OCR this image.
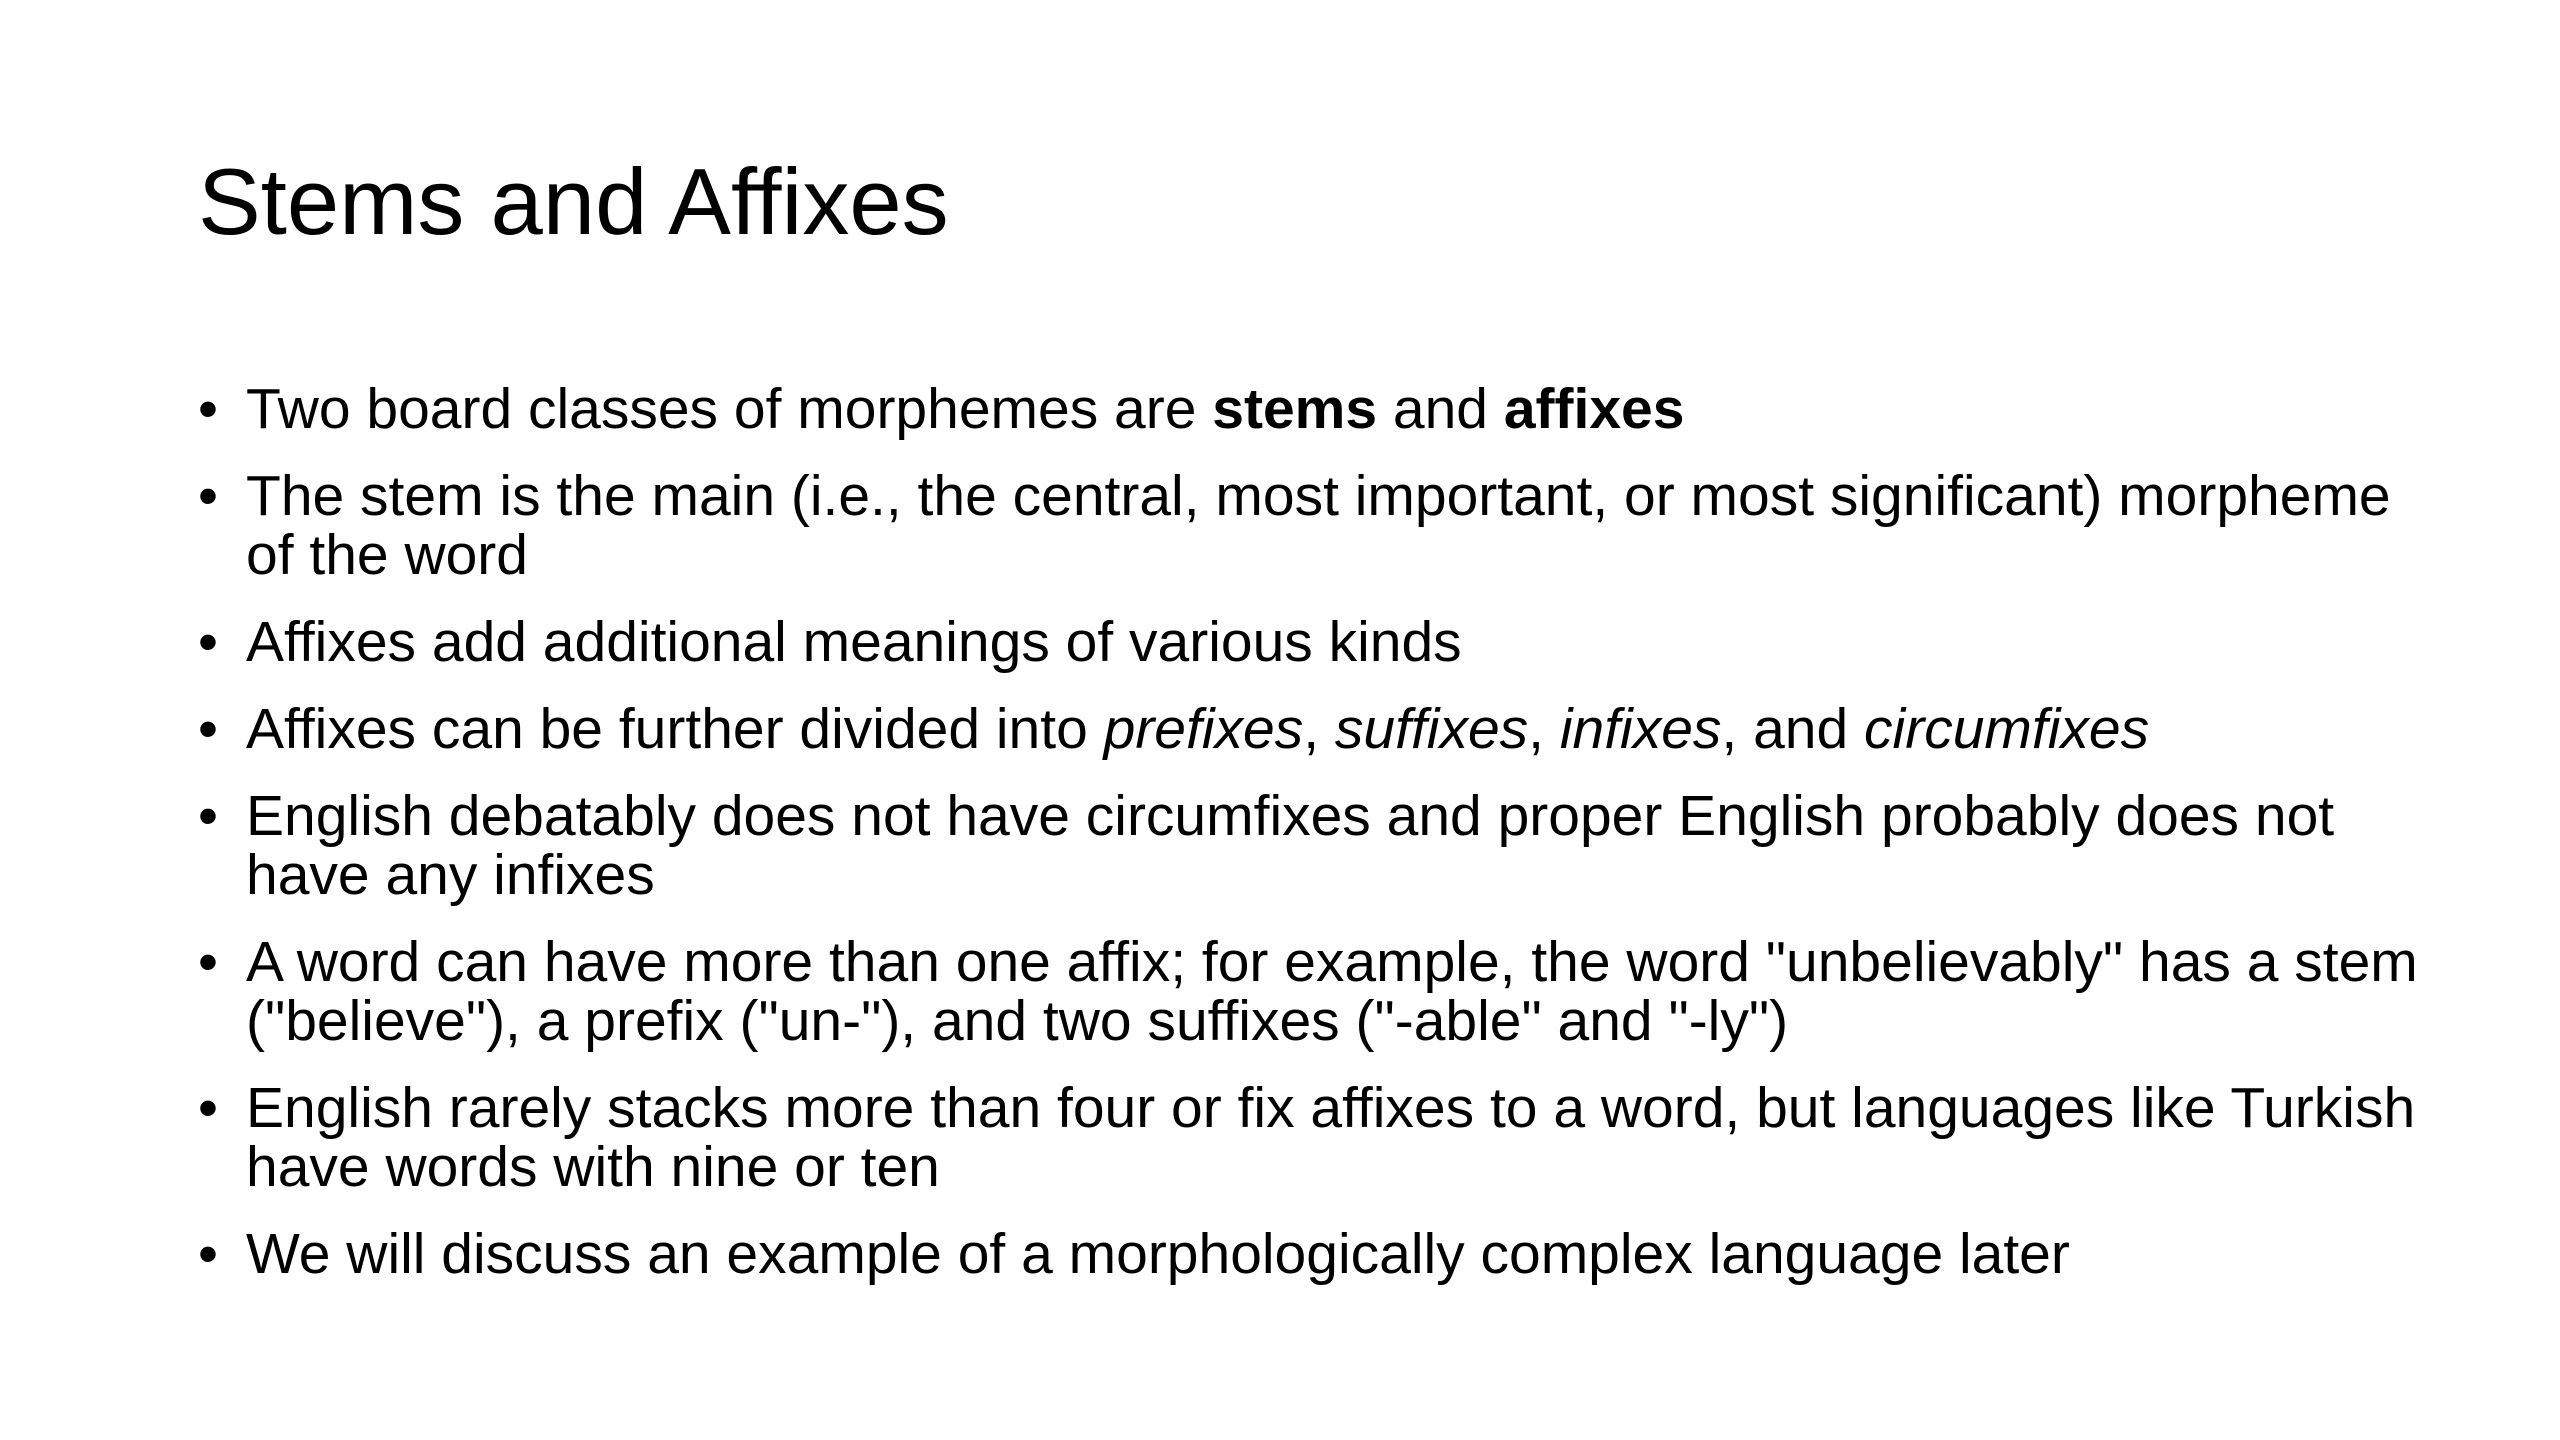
Stems and Affixes
• Two board classes of morphemes are stems and affixes
• The stem is the main (i.e., the central, most important, or most significant) morpheme of the word
• Affixes add additional meanings of various kinds
• Affixes can be further divided into prefixes, suffixes, infixes, and circumfixes
• English debatably does not have circumfixes and proper English probably does not have any infixes
• A word can have more than one affix; for example, the word "unbelievably" has a stem ("believe"), a prefix ("un-"), and two suffixes ("-able" and "-ly")
• English rarely stacks more than four or fix affixes to a word, but languages like Turkish have words with nine or ten
• We will discuss an example of a morphologically complex language later
